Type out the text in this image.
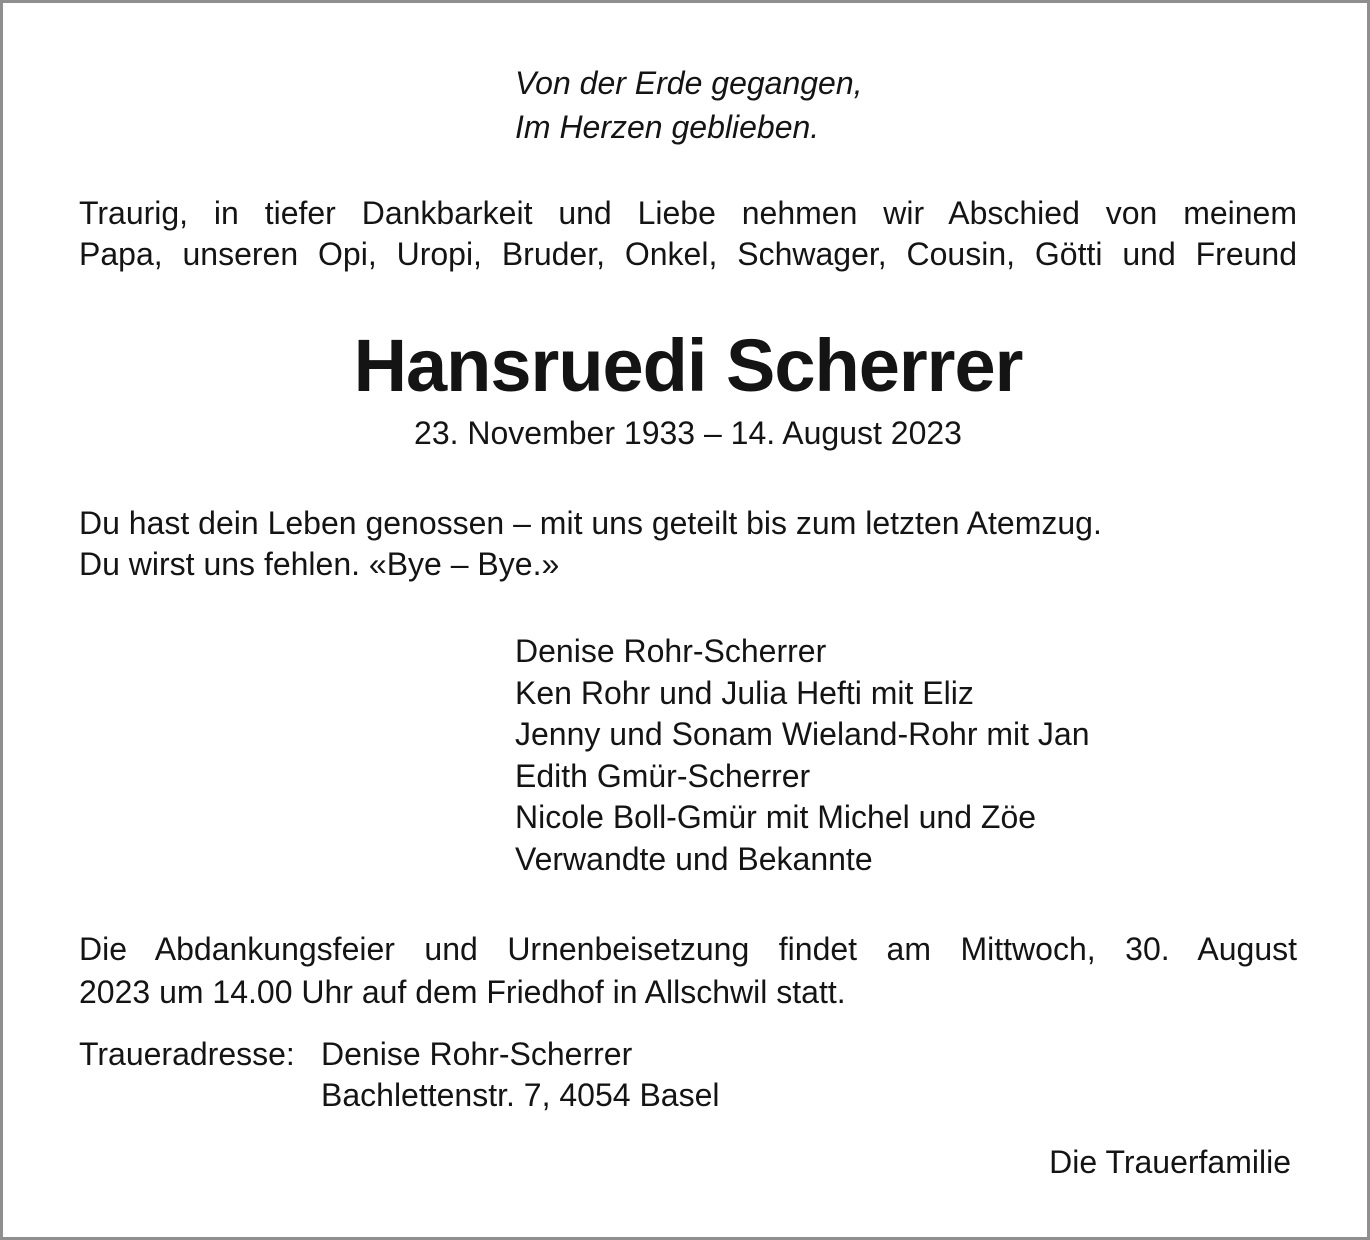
Von der Erde gegangen,
Im Herzen geblieben.
Traurig, in tiefer Dankbarkeit und Liebe nehmen wir Abschied von meinem
Papa, unseren Opi, Uropi, Bruder, Onkel, Schwager, Cousin, Götti und Freund
Hansruedi Scherrer
23. November 1933 – 14. August 2023
Du hast dein Leben genossen – mit uns geteilt bis zum letzten Atemzug.
Du wirst uns fehlen. «Bye – Bye.»
Denise Rohr-Scherrer
Ken Rohr und Julia Hefti mit Eliz
Jenny und Sonam Wieland-Rohr mit Jan
Edith Gmür-Scherrer
Nicole Boll-Gmür mit Michel und Zöe
Verwandte und Bekannte
Die Abdankungsfeier und Urnenbeisetzung findet am Mittwoch, 30. August
2023 um 14.00 Uhr auf dem Friedhof in Allschwil statt.
Traueradresse: Denise Rohr-Scherrer
Bachlettenstr. 7, 4054 Basel
Die Trauerfamilie
